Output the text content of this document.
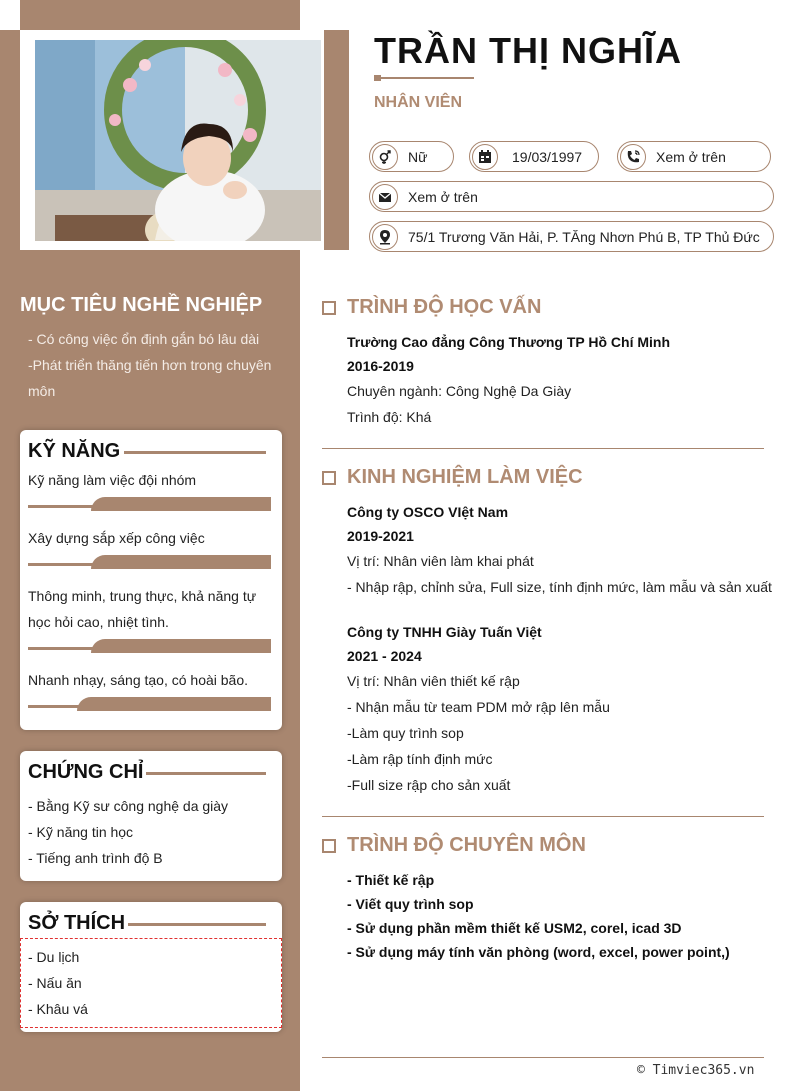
TRẦN THỊ NGHĨA
NHÂN VIÊN
Nữ	19/03/1997	Xem ở trên
Xem ở trên
75/1 Trương Văn Hải, P. TĂng Nhơn Phú B, TP Thủ Đức
MỤC TIÊU NGHỀ NGHIỆP
- Có công việc ổn định gắn bó lâu dài
-Phát triển thăng tiến hơn trong chuyên
môn
KỸ NĂNG
Kỹ năng làm việc đội nhóm
Xây dựng sắp xếp công việc
Thông minh, trung thực, khả năng tự
học hỏi cao, nhiệt tình.
Nhanh nhạy, sáng tạo, có hoài bão.
CHỨNG CHỈ
- Bằng Kỹ sư công nghệ da giày
- Kỹ năng tin học
- Tiếng anh trình độ B
SỞ THÍCH
- Du lịch
- Nấu ăn
- Khâu vá
TRÌNH ĐỘ HỌC VẤN
Trường Cao đẳng Công Thương TP Hồ Chí Minh
2016-2019
Chuyên ngành: Công Nghệ Da Giày
Trình độ: Khá
KINH NGHIỆM LÀM VIỆC
Công ty OSCO VIệt Nam
2019-2021
Vị trí: Nhân viên làm khai phát
- Nhập rập, chỉnh sửa, Full size, tính định mức, làm mẫu và sản xuất
Công ty TNHH Giày Tuấn Việt
2021 - 2024
Vị trí: Nhân viên thiết kế rập
- Nhận mẫu từ team PDM mở rập lên mẫu
-Làm quy trình sop
-Làm rập tính định mức
-Full size rập cho sản xuất
TRÌNH ĐỘ CHUYÊN MÔN
- Thiết kế rập
- Viết quy trình sop
- Sử dụng phần mềm thiết kế USM2, corel, icad 3D
- Sử dụng máy tính văn phòng (word, excel, power point,)
© Timviec365.vn
